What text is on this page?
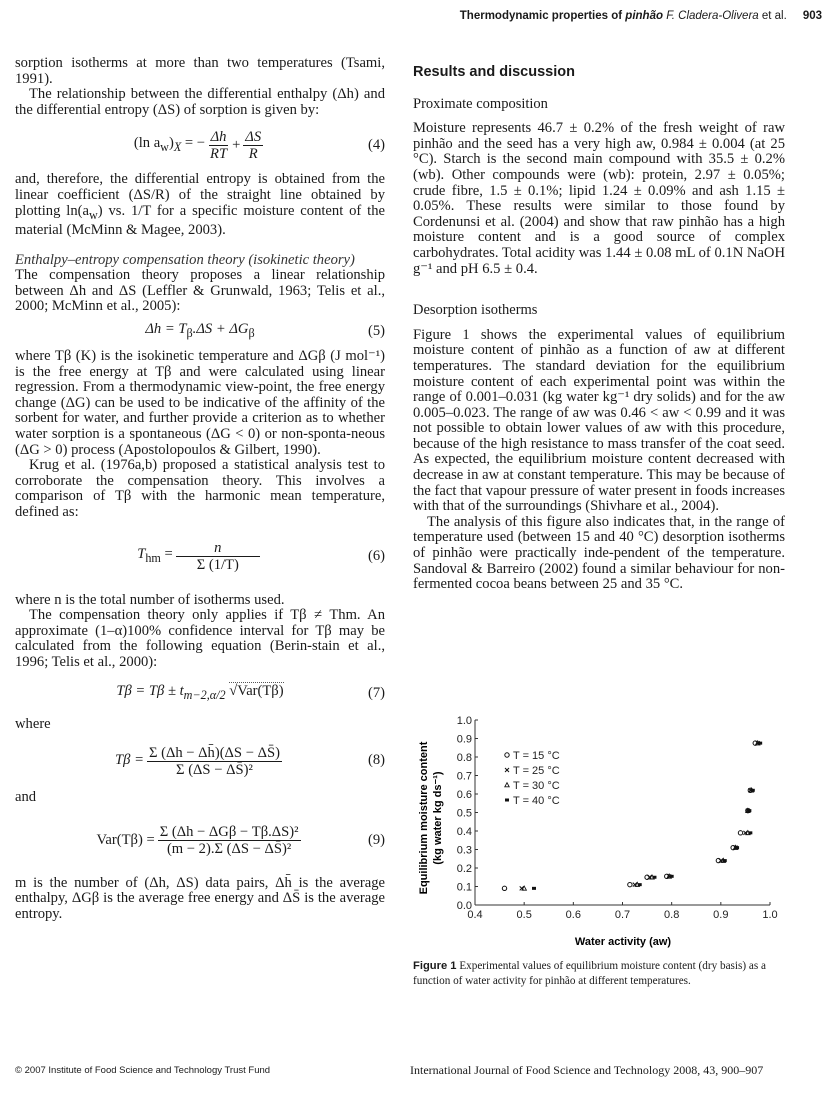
Thermodynamic properties of pinhão F. Cladera-Olivera et al. 903

sorption isotherms at more than two temperatures (Tsami, 1991).

The relationship between the differential enthalpy (Δh) and the differential entropy (ΔS) of sorption is given by:

(ln $a_w)_X$ = − $\frac{\Delta h}{RT} + \frac{\Delta S}{R}$	(4)

and, therefore, the differential entropy is obtained from the linear coefficient (ΔS/R) of the straight line obtained by plotting $\ln(a_w)$ vs. 1/T for a specific moisture content of the material (McMinn & Magee, 2003).

Enthalpy–entropy compensation theory (isokinetic theory)

The compensation theory proposes a linear relationship between Δh and ΔS (Leffler & Grunwald, 1963; Telis et al., 2000; McMinn et al., 2005):

$\Delta h = T_\beta.\Delta S + \Delta G_\beta$	(5)

where Tβ (K) is the isokinetic temperature and ΔGβ (J mol⁻¹) is the free energy at Tβ and were calculated using linear regression. From a thermodynamic view-point, the free energy change (ΔG) can be used to be indicative of the affinity of the sorbent for water, and further provide a criterion as to whether water sorption is a spontaneous (ΔG < 0) or non-sponta-neous (ΔG > 0) process (Apostolopoulos & Gilbert, 1990).

Krug et al. (1976a,b) proposed a statistical analysis test to corroborate the compensation theory. This involves a comparison of Tβ with the harmonic mean temperature, defined as:

$T_{hm} = \frac{n}{\Sigma (1/T)}$	(6)

where n is the total number of isotherms used.

The compensation theory only applies if Tβ ≠ Thm. An approximate (1–α)100% confidence interval for Tβ may be calculated from the following equation (Berin-stain et al., 1996; Telis et al., 2000):

$T\beta = T\beta \pm t_{m-2,\alpha/2}$ √Var(Tβ)	(7)

where

$T\beta = \frac{\Sigma (\Delta h - \Delta h̄)(\Delta S - \Delta S̄)}{\text{Σ (ΔS − ΔS̄)²}}$	(8)

and

$Var(T\beta) = \frac{\text{Σ (Δh − ΔGβ − Tβ.ΔS)²}}{\text{(m − 2).Σ (ΔS − ΔS̄)²}}$	(9)

m is the number of (Δh, ΔS) data pairs, Δh̄ is the average enthalpy, ΔGβ is the average free energy and ΔS̄ is the average entropy.

Results and discussion
Proximate composition

Moisture represents 46.7 ± 0.2% of the fresh weight of raw pinhão and the seed has a very high aw, 0.984 ± 0.004 (at 25 °C). Starch is the second main compound with 35.5 ± 0.2% (wb). Other compounds were (wb): protein, 2.97 ± 0.05%; crude fibre, 1.5 ± 0.1%; lipid 1.24 ± 0.09% and ash 1.15 ± 0.05%. These results were similar to those found by Cordenunsi et al. (2004) and show that raw pinhão has a high moisture content and is a good source of complex carbohydrates. Total acidity was 1.44 ± 0.08 mL of 0.1N NaOH g⁻¹ and pH 6.5 ± 0.4.

Desorption isotherms

Figure 1 shows the experimental values of equilibrium moisture content of pinhão as a function of aw at different temperatures. The standard deviation for the equilibrium moisture content of each experimental point was within the range of 0.001–0.031 (kg water kg⁻¹ dry solids) and for the aw 0.005–0.023. The range of aw was 0.46 < aw < 0.99 and it was not possible to obtain lower values of aw with this procedure, because of the high resistance to mass transfer of the coat seed. As expected, the equilibrium moisture content decreased with decrease in aw at constant temperature. This may be because of the fact that vapour pressure of water present in foods increases with that of the surroundings (Shivhare et al., 2004).

The analysis of this figure also indicates that, in the range of temperature used (between 15 and 40 °C) desorption isotherms of pinhão were practically inde-pendent of the temperature. Sandoval & Barreiro (2002) found a similar behaviour for non-fermented cocoa beans between 25 and 35 °C.

0.4	0.5	0.6	0.7	0.8	0.9	1.0
0.0
0.1
0.2
0.3
0.4
0.5
0.6
0.7
0.8
0.9
1.0
T = 15 °C
T = 25 °C
T = 30 °C
T = 40 °C
Equilibrium moisture content (kg water kg ds⁻¹)
Water activity (aw)
Figure 1 Experimental values of equilibrium moisture content (dry basis) as a function of water activity for pinhão at different temperatures.
© 2007 Institute of Food Science and Technology Trust Fund	International Journal of Food Science and Technology 2008, 43, 900–907
